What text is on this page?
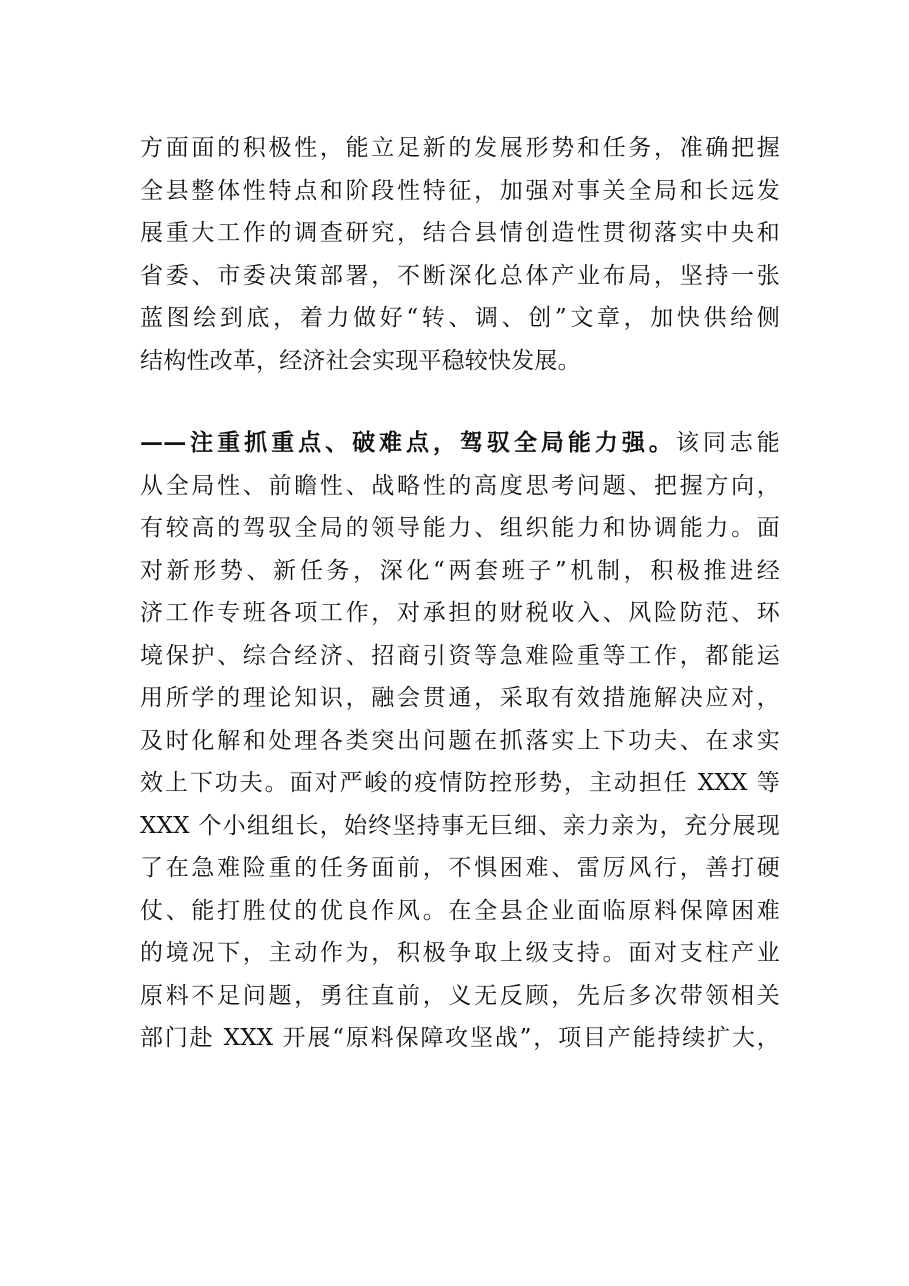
方面面的积极性，能立足新的发展形势和任务，准确把握
全县整体性特点和阶段性特征，加强对事关全局和长远发
展重大工作的调查研究，结合县情创造性贯彻落实中央和
省委、市委决策部署，不断深化总体产业布局，坚持一张
蓝图绘到底，着力做好“转、调、创”文章，加快供给侧
结构性改革，经济社会实现平稳较快发展。
——注重抓重点、破难点，驾驭全局能力强。该同志能
从全局性、前瞻性、战略性的高度思考问题、把握方向，
有较高的驾驭全局的领导能力、组织能力和协调能力。面
对新形势、新任务，深化“两套班子”机制，积极推进经
济工作专班各项工作，对承担的财税收入、风险防范、环
境保护、综合经济、招商引资等急难险重等工作，都能运
用所学的理论知识，融会贯通，采取有效措施解决应对，
及时化解和处理各类突出问题在抓落实上下功夫、在求实
效上下功夫。面对严峻的疫情防控形势，主动担任 XXX 等
XXX 个小组组长，始终坚持事无巨细、亲力亲为，充分展现
了在急难险重的任务面前，不惧困难、雷厉风行，善打硬
仗、能打胜仗的优良作风。在全县企业面临原料保障困难
的境况下，主动作为，积极争取上级支持。面对支柱产业
原料不足问题，勇往直前，义无反顾，先后多次带领相关
部门赴 XXX 开展“原料保障攻坚战”，项目产能持续扩大，
